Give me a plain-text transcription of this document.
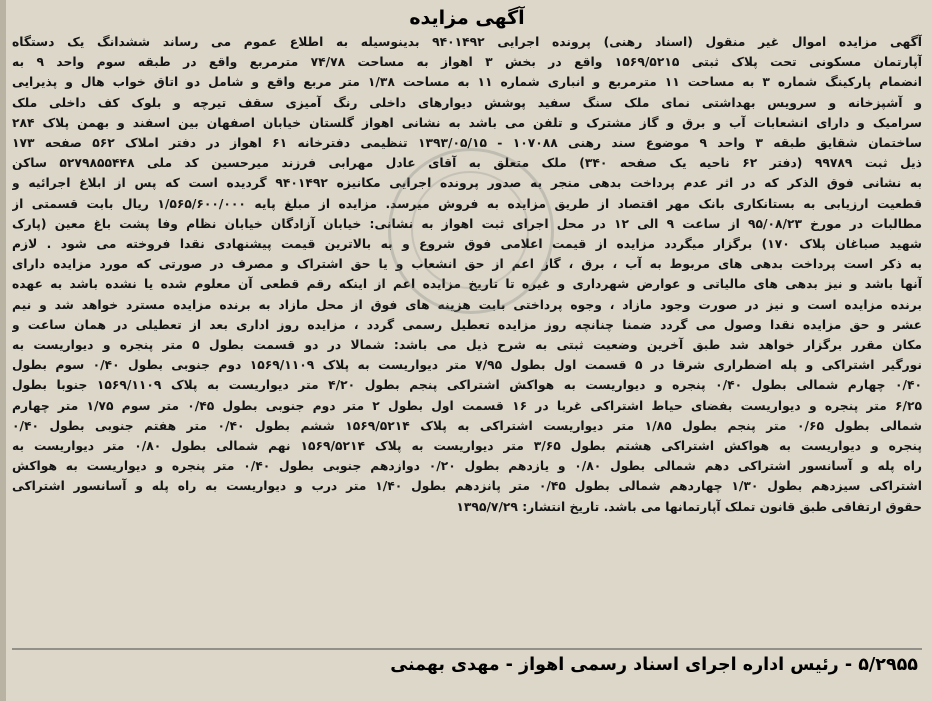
آگهی مزایده
آگهی مزایده اموال غیر منقول (اسناد رهنی) پرونده اجرایی ۹۴۰۱۴۹۲ بدینوسیله به اطلاع عموم می رساند ششدانگ یک دستگاه
آپارتمان مسکونی تحت پلاک ثبتی ۱۵۶۹/۵۲۱۵ واقع در بخش ۳ اهواز به مساحت ۷۴/۷۸ مترمربع واقع در طبقه سوم واحد ۹ به
انضمام پارکینگ شماره ۳ به مساحت ۱۱ مترمربع و انباری شماره ۱۱ به مساحت ۱/۳۸ متر مربع واقع و شامل دو اتاق خواب هال و پذیرایی
و آشپزخانه و سرویس بهداشتی نمای ملک سنگ سفید پوشش دیوارهای داخلی رنگ آمیزی سقف تیرچه و بلوک کف داخلی ملک
سرامیک و دارای انشعابات آب و برق و گاز مشترک و تلفن می باشد به نشانی اهواز گلستان خیابان اصفهان بین اسفند و بهمن پلاک ۲۸۴
ساختمان شقایق طبقه ۳ واحد ۹ موضوع سند رهنی ۱۰۷۰۸۸ - ۱۳۹۳/۰۵/۱۵ تنظیمی دفترخانه ۶۱ اهواز در دفتر املاک ۵۶۲ صفحه ۱۷۳
ذیل ثبت ۹۹۷۸۹ (دفتر ۶۲ ناحیه یک صفحه ۳۴۰) ملک متعلق به آقای عادل مهرابی فرزند میرحسین کد ملی ۵۲۷۹۸۵۵۴۴۸ ساکن
به نشانی فوق الذکر که در اثر عدم پرداخت بدهی منجر به صدور پرونده اجرایی مکانیزه ۹۴۰۱۴۹۲ گردیده است که پس از ابلاغ اجرائیه و
قطعیت ارزیابی به بستانکاری بانک مهر اقتصاد از طریق مزایده به فروش میرسد. مزایده از مبلغ پایه ۱/۵۶۵/۶۰۰/۰۰۰ ریال بابت قسمتی از
مطالبات در مورخ ۹۵/۰۸/۲۳ از ساعت ۹ الی ۱۲ در محل اجرای ثبت اهواز به نشانی: خیابان آزادگان خیابان نظام وفا پشت باغ معین (پارک
شهید صباغان پلاک ۱۷۰) برگزار میگردد مزایده از قیمت اعلامی فوق شروع و به بالاترین قیمت پیشنهادی نقدا فروخته می شود . لازم
به ذکر است پرداخت بدهی های مربوط به آب ، برق ، گاز اعم از حق انشعاب و یا حق اشتراک و مصرف در صورتی که مورد مزایده دارای
آنها باشد و نیز بدهی های مالیاتی و عوارض شهرداری و غیره تا تاریخ مزایده اعم از اینکه رقم قطعی آن معلوم شده یا نشده باشد به عهده
برنده مزایده است و نیز در صورت وجود مازاد ، وجوه پرداختی بابت هزینه های فوق از محل مازاد به برنده مزایده مسترد خواهد شد و نیم
عشر و حق مزایده نقدا وصول می گردد ضمنا چنانچه روز مزایده تعطیل رسمی گردد ، مزایده روز اداری بعد از تعطیلی در همان ساعت و
مکان مقرر برگزار خواهد شد طبق آخرین وضعیت ثبتی به شرح ذیل می باشد: شمالا در دو قسمت بطول ۵ متر پنجره و دیواریست به
نورگیر اشتراکی و پله اضطراری شرقا در ۵ قسمت اول بطول ۷/۹۵ متر دیواریست به پلاک ۱۵۶۹/۱۱۰۹ دوم جنوبی بطول ۰/۴۰ سوم بطول
۰/۴۰ چهارم شمالی بطول ۰/۴۰ پنجره و دیواریست به هواکش اشتراکی پنجم بطول ۴/۲۰ متر دیواریست به پلاک ۱۵۶۹/۱۱۰۹ جنوبا بطول
۶/۲۵ متر پنجره و دیواریست بفضای حیاط اشتراکی غربا در ۱۶ قسمت اول بطول ۲ متر دوم جنوبی بطول ۰/۴۵ متر سوم ۱/۷۵ متر چهارم
شمالی بطول ۰/۶۵ متر پنجم بطول ۱/۸۵ متر دیواریست اشتراکی به پلاک ۱۵۶۹/۵۲۱۴ ششم بطول ۰/۴۰ متر هفتم جنوبی بطول ۰/۴۰
پنجره و دیواریست به هواکش اشتراکی هشتم بطول ۳/۶۵ متر دیواریست به پلاک ۱۵۶۹/۵۲۱۴ نهم شمالی بطول ۰/۸۰ متر دیواریست به
راه پله و آسانسور اشتراکی دهم شمالی بطول ۰/۸۰ و یازدهم بطول ۰/۲۰ دوازدهم جنوبی بطول ۰/۴۰ متر پنجره و دیواریست به هواکش
اشتراکی سیزدهم بطول ۱/۳۰ چهاردهم شمالی بطول ۰/۴۵ متر پانزدهم بطول ۱/۴۰ متر درب و دیواریست به راه پله و آسانسور اشتراکی
حقوق ارتفاقی طبق قانون تملک آپارتمانها می باشد. تاریخ انتشار: ۱۳۹۵/۷/۲۹
۵/۲۹۵۵ - رئیس اداره اجرای اسناد رسمی اهواز - مهدی بهمنی
